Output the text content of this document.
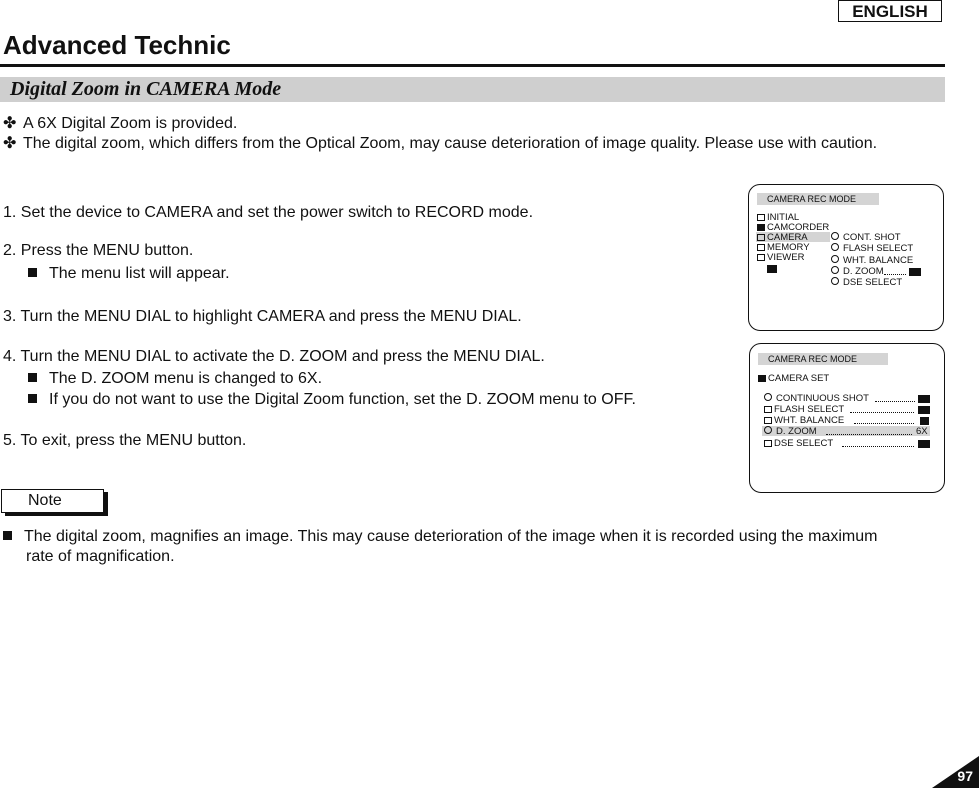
ENGLISH
Advanced Technic
Digital Zoom in CAMERA Mode
✤ A 6X Digital Zoom is provided.
✤ The digital zoom, which differs from the Optical Zoom, may cause deterioration of image quality. Please use with caution.
1. Set the device to CAMERA and set the power switch to RECORD mode.
2. Press the MENU button.
The menu list will appear.
3. Turn the MENU DIAL to highlight CAMERA and press the MENU DIAL.
4. Turn the MENU DIAL to activate the D. ZOOM and press the MENU DIAL.
The D. ZOOM menu is changed to 6X.
If you do not want to use the Digital Zoom function, set the D. ZOOM menu to OFF.
5. To exit, press the MENU button.
CAMERA REC MODE
INITIAL
CAMCORDER
CAMERA
MEMORY
VIEWER
CONT. SHOT
FLASH SELECT
WHT. BALANCE
D. ZOOM
DSE SELECT
CAMERA REC MODE
CAMERA SET
CONTINUOUS SHOT
FLASH SELECT
WHT. BALANCE
D. ZOOM	6X
DSE SELECT
Note
The digital zoom, magnifies an image. This may cause deterioration of the image when it is recorded using the maximum
rate of magnification.
97
